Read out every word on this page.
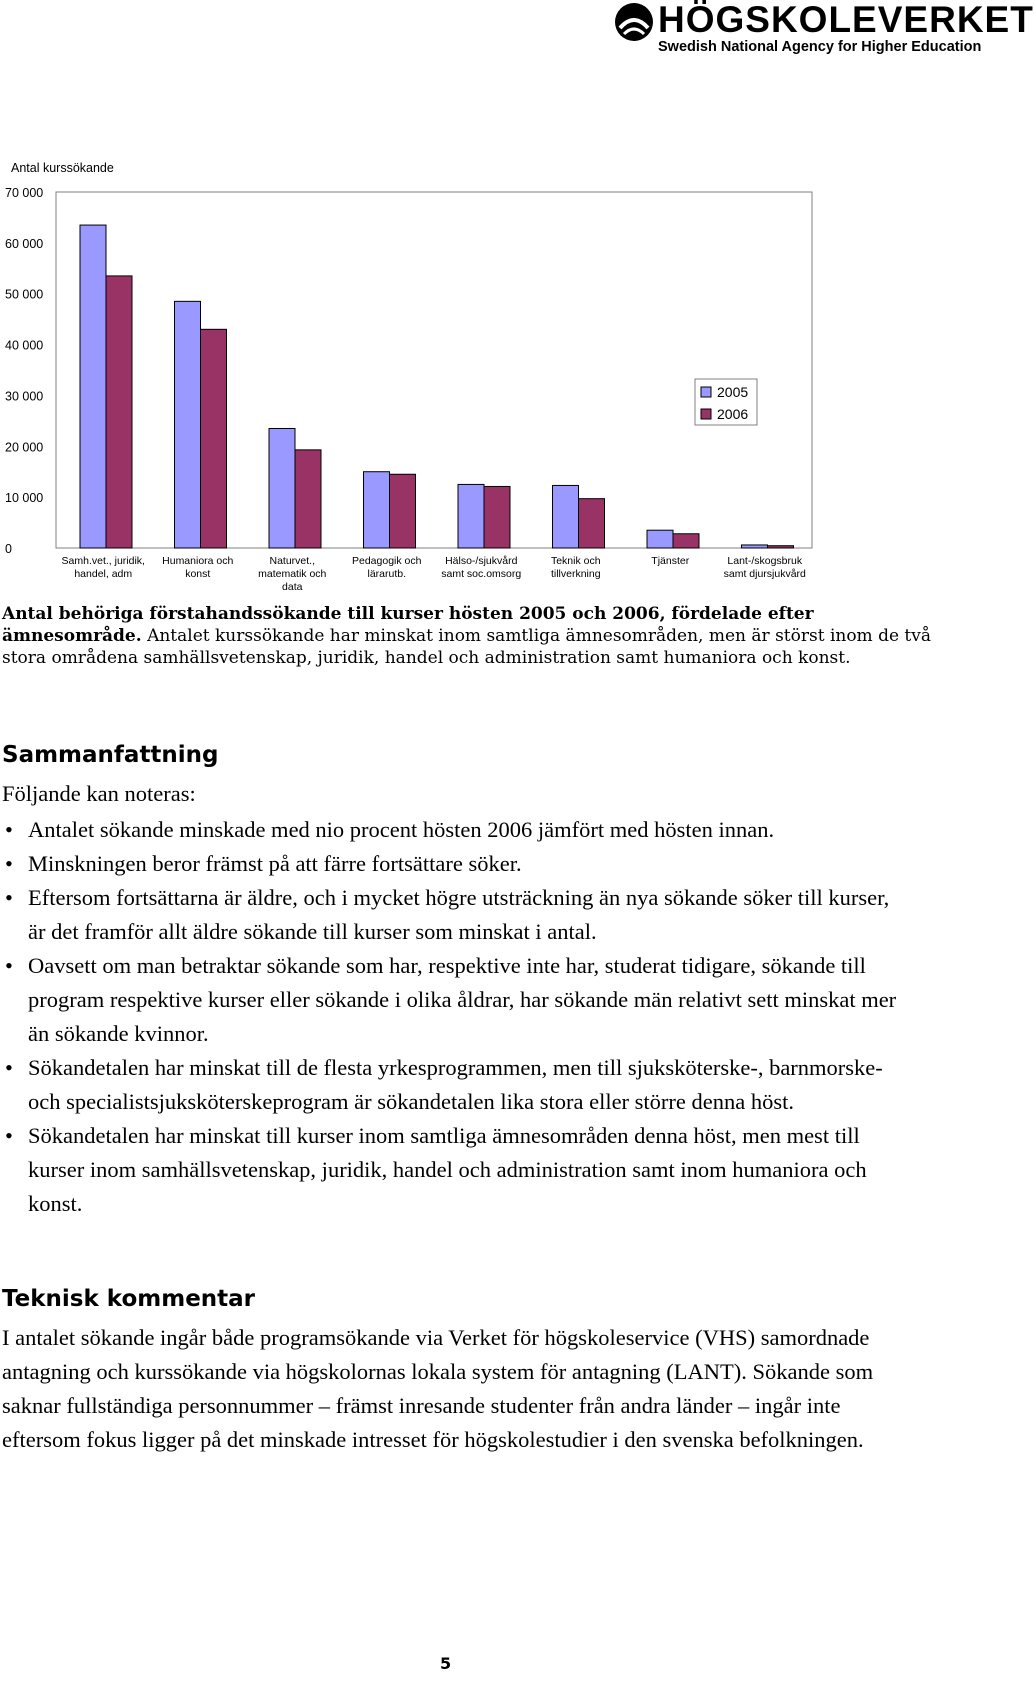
HÖGSKOLEVERKET
Swedish National Agency for Higher Education
Antal kurssökande
70 000
60 000
50 000
40 000
30 000
20 000
10 000
0
Samh.vet., juridik,
handel, adm
Humaniora och
konst
Naturvet.,
matematik och
data
Pedagogik och
lärarutb.
Hälso-/sjukvård
samt soc.omsorg
Teknik och
tillverkning
Tjänster	Lant-/skogsbruk
samt djursjukvård
2005
2006
Antal behöriga förstahandssökande till kurser hösten 2005 och 2006, fördelade efter ämnesområde. Antalet kurssökande har minskat inom samtliga ämnesområden, men är störst inom de två stora områdena samhällsvetenskap, juridik, handel och administration samt humaniora och konst.
Sammanfattning

Följande kan noteras:

• Antalet sökande minskade med nio procent hösten 2006 jämfört med hösten innan.
• Minskningen beror främst på att färre fortsättare söker.
• Eftersom fortsättarna är äldre, och i mycket högre utsträckning än nya sökande söker till kurser, är det framför allt äldre sökande till kurser som minskat i antal.
• Oavsett om man betraktar sökande som har, respektive inte har, studerat tidigare, sökande till program respektive kurser eller sökande i olika åldrar, har sökande män relativt sett minskat mer än sökande kvinnor.
• Sökandetalen har minskat till de flesta yrkesprogrammen, men till sjuksköterske-, barnmorske- och specialistsjuksköterskeprogram är sökandetalen lika stora eller större denna höst.
• Sökandetalen har minskat till kurser inom samtliga ämnesområden denna höst, men mest till kurser inom samhällsvetenskap, juridik, handel och administration samt inom humaniora och konst.
Teknisk kommentar

I antalet sökande ingår både programsökande via Verket för högskoleservice (VHS) samordnade antagning och kurssökande via högskolornas lokala system för antagning (LANT). Sökande som saknar fullständiga personnummer – främst inresande studenter från andra länder – ingår inte eftersom fokus ligger på det minskade intresset för högskolestudier i den svenska befolkningen.

5
